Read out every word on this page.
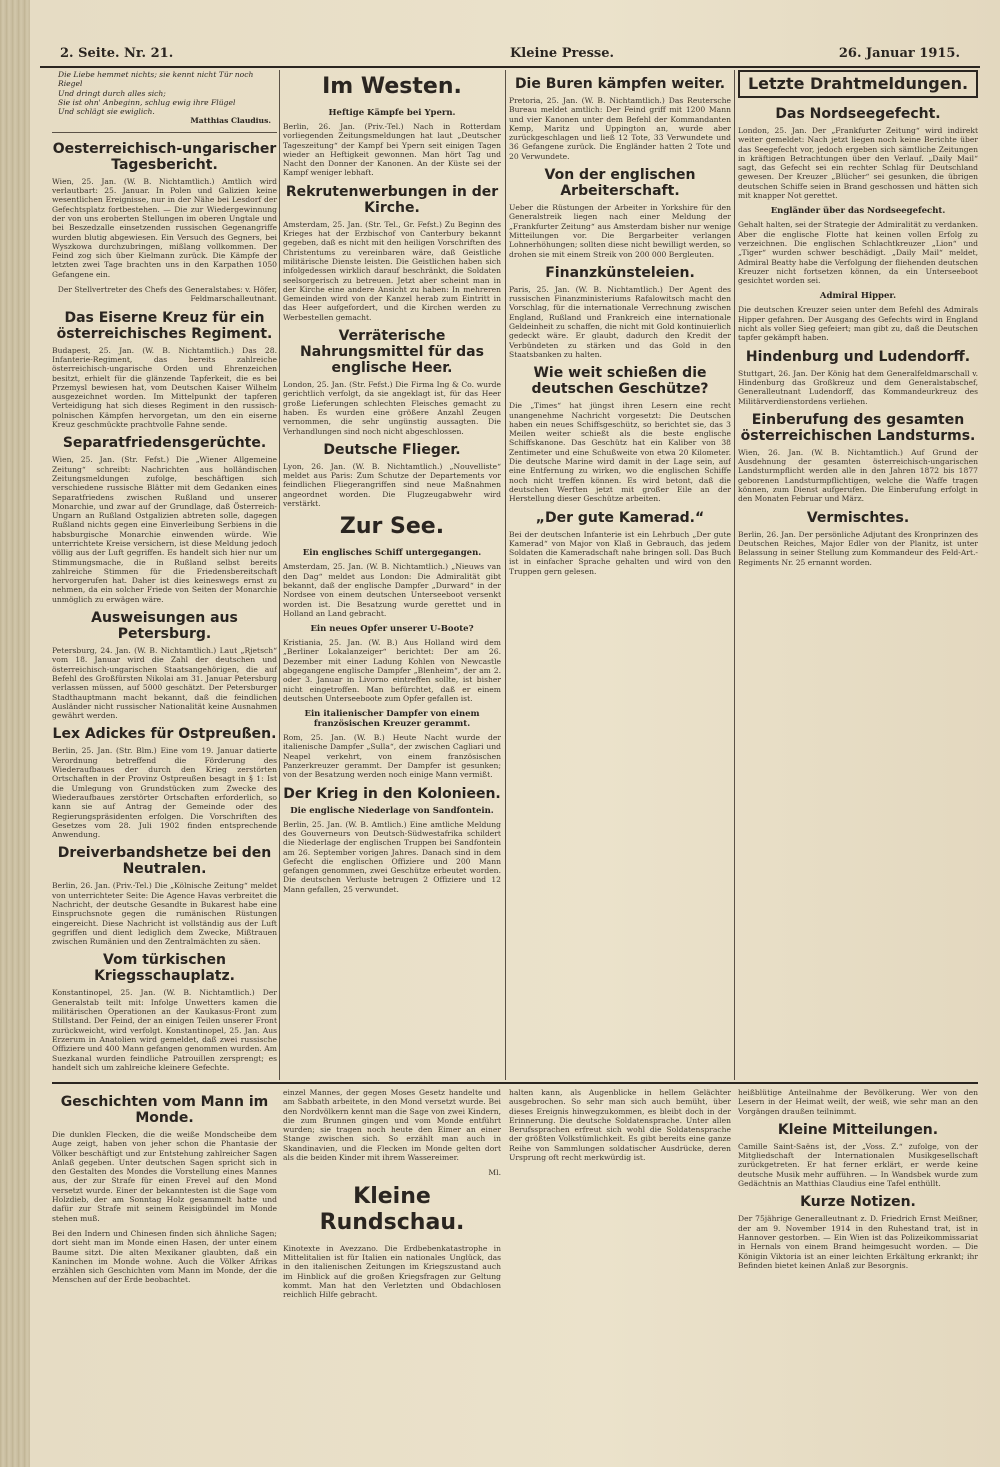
2. Seite. Nr. 21.	Kleine Presse.	26. Januar 1915.
Die Liebe hemmet nichts; sie kennt nicht Tür noch Riegel
Und dringt durch alles sich;
Sie ist ohn' Anbeginn, schlug ewig ihre Flügel
Und schlägt sie ewiglich.
Matthias Claudius.
Oesterreichisch-ungarischer Tagesbericht.

Wien, 25. Jan. (W. B. Nichtamtlich.) Amtlich wird verlautbart: 25. Januar. In Polen und Galizien keine wesentlichen Ereignisse, nur in der Nähe bei Lesdorf der Gefechtsplatz fortbestehen. — Die zur Wiedergewinnung der von uns eroberten Stellungen im oberen Ungtale und bei Beszedzalle einsetzenden russischen Gegenangriffe wurden blutig abgewiesen. Ein Versuch des Gegners, bei Wyszkowa durchzubringen, mißlang vollkommen. Der Feind zog sich über Kielmann zurück. Die Kämpfe der letzten zwei Tage brachten uns in den Karpathen 1050 Gefangene ein.

Der Stellvertreter des Chefs des Generalstabes: v. Höfer, Feldmarschalleutnant.

Das Eiserne Kreuz für ein österreichisches Regiment.

Budapest, 25. Jan. (W. B. Nichtamtlich.) Das 28. Infanterie-Regiment, das bereits zahlreiche österreichisch-ungarische Orden und Ehrenzeichen besitzt, erhielt für die glänzende Tapferkeit, die es bei Przemysl bewiesen hat, vom Deutschen Kaiser Wilhelm ausgezeichnet worden. Im Mittelpunkt der tapferen Verteidigung hat sich dieses Regiment in den russisch-polnischen Kämpfen hervorgetan, um den ein eiserne Kreuz geschmückte prachtvolle Fahne sende.

Separatfriedensgerüchte.

Wien, 25. Jan. (Str. Fefst.) Die „Wiener Allgemeine Zeitung“ schreibt: Nachrichten aus holländischen Zeitungsmeldungen zufolge, beschäftigen sich verschiedene russische Blätter mit dem Gedanken eines Separatfriedens zwischen Rußland und unserer Monarchie, und zwar auf der Grundlage, daß Österreich-Ungarn an Rußland Ostgalizien abtreten solle, dagegen Rußland nichts gegen eine Einverleibung Serbiens in die habsburgische Monarchie einwenden würde. Wie unterrichtete Kreise versichern, ist diese Meldung jedoch völlig aus der Luft gegriffen. Es handelt sich hier nur um Stimmungsmache, die in Rußland selbst bereits zahlreiche Stimmen für die Friedensbereitschaft hervorgerufen hat. Daher ist dies keineswegs ernst zu nehmen, da ein solcher Friede von Seiten der Monarchie unmöglich zu erwägen wäre.

Ausweisungen aus Petersburg.

Petersburg, 24. Jan. (W. B. Nichtamtlich.) Laut „Rjetsch“ vom 18. Januar wird die Zahl der deutschen und österreichisch-ungarischen Staatsangehörigen, die auf Befehl des Großfürsten Nikolai am 31. Januar Petersburg verlassen müssen, auf 5000 geschätzt. Der Petersburger Stadthauptmann macht bekannt, daß die feindlichen Ausländer nicht russischer Nationalität keine Ausnahmen gewährt werden.

Lex Adickes für Ostpreußen.

Berlin, 25. Jan. (Str. Blm.) Eine vom 19. Januar datierte Verordnung betreffend die Förderung des Wiederaufbaues der durch den Krieg zerstörten Ortschaften in der Provinz Ostpreußen besagt in § 1: Ist die Umlegung von Grundstücken zum Zwecke des Wiederaufbaues zerstörter Ortschaften erforderlich, so kann sie auf Antrag der Gemeinde oder des Regierungspräsidenten erfolgen. Die Vorschriften des Gesetzes vom 28. Juli 1902 finden entsprechende Anwendung.

Dreiverbandshetze bei den Neutralen.

Berlin, 26. Jan. (Priv.-Tel.) Die „Kölnische Zeitung“ meldet von unterrichteter Seite: Die Agence Havas verbreitet die Nachricht, der deutsche Gesandte in Bukarest habe eine Einspruchsnote gegen die rumänischen Rüstungen eingereicht. Diese Nachricht ist vollständig aus der Luft gegriffen und dient lediglich dem Zwecke, Mißtrauen zwischen Rumänien und den Zentralmächten zu säen.

Vom türkischen Kriegsschauplatz.

Konstantinopel, 25. Jan. (W. B. Nichtamtlich.) Der Generalstab teilt mit: Infolge Unwetters kamen die militärischen Operationen an der Kaukasus-Front zum Stillstand. Der Feind, der an einigen Teilen unserer Front zurückweicht, wird verfolgt. Konstantinopel, 25. Jan. Aus Erzerum in Anatolien wird gemeldet, daß zwei russische Offiziere und 400 Mann gefangen genommen wurden. Am Suezkanal wurden feindliche Patrouillen zersprengt; es handelt sich um zahlreiche kleinere Gefechte.

Im Westen.
Heftige Kämpfe bei Ypern.

Berlin, 26. Jan. (Priv.-Tel.) Nach in Rotterdam vorliegenden Zeitungsmeldungen hat laut „Deutscher Tageszeitung“ der Kampf bei Ypern seit einigen Tagen wieder an Heftigkeit gewonnen. Man hört Tag und Nacht den Donner der Kanonen. An der Küste sei der Kampf weniger lebhaft.

Rekrutenwerbungen in der Kirche.

Amsterdam, 25. Jan. (Str. Tel., Gr. Fefst.) Zu Beginn des Krieges hat der Erzbischof von Canterbury bekannt gegeben, daß es nicht mit den heiligen Vorschriften des Christentums zu vereinbaren wäre, daß Geistliche militärische Dienste leisten. Die Geistlichen haben sich infolgedessen wirklich darauf beschränkt, die Soldaten seelsorgerisch zu betreuen. Jetzt aber scheint man in der Kirche eine andere Ansicht zu haben: In mehreren Gemeinden wird von der Kanzel herab zum Eintritt in das Heer aufgefordert, und die Kirchen werden zu Werbestellen gemacht.

Verräterische Nahrungsmittel für das englische Heer.

London, 25. Jan. (Str. Fefst.) Die Firma Ing & Co. wurde gerichtlich verfolgt, da sie angeklagt ist, für das Heer große Lieferungen schlechten Fleisches gemacht zu haben. Es wurden eine größere Anzahl Zeugen vernommen, die sehr ungünstig aussagten. Die Verhandlungen sind noch nicht abgeschlossen.

Deutsche Flieger.

Lyon, 26. Jan. (W. B. Nichtamtlich.) „Nouvelliste“ meldet aus Paris: Zum Schutze der Departements vor feindlichen Fliegerangriffen sind neue Maßnahmen angeordnet worden. Die Flugzeugabwehr wird verstärkt.

Zur See.
Ein englisches Schiff untergegangen.

Amsterdam, 25. Jan. (W. B. Nichtamtlich.) „Nieuws van den Dag“ meldet aus London: Die Admiralität gibt bekannt, daß der englische Dampfer „Durward“ in der Nordsee von einem deutschen Unterseeboot versenkt worden ist. Die Besatzung wurde gerettet und in Holland an Land gebracht.

Ein neues Opfer unserer U-Boote?

Kristiania, 25. Jan. (W. B.) Aus Holland wird dem „Berliner Lokalanzeiger“ berichtet: Der am 26. Dezember mit einer Ladung Kohlen von Newcastle abgegangene englische Dampfer „Blenheim“, der am 2. oder 3. Januar in Livorno eintreffen sollte, ist bisher nicht eingetroffen. Man befürchtet, daß er einem deutschen Unterseeboote zum Opfer gefallen ist.

Ein italienischer Dampfer von einem französischen Kreuzer gerammt.

Rom, 25. Jan. (W. B.) Heute Nacht wurde der italienische Dampfer „Sulla“, der zwischen Cagliari und Neapel verkehrt, von einem französischen Panzerkreuzer gerammt. Der Dampfer ist gesunken; von der Besatzung werden noch einige Mann vermißt.

Der Krieg in den Kolonieen.
Die englische Niederlage von Sandfontein.

Berlin, 25. Jan. (W. B. Amtlich.) Eine amtliche Meldung des Gouverneurs von Deutsch-Südwestafrika schildert die Niederlage der englischen Truppen bei Sandfontein am 26. September vorigen Jahres. Danach sind in dem Gefecht die englischen Offiziere und 200 Mann gefangen genommen, zwei Geschütze erbeutet worden. Die deutschen Verluste betrugen 2 Offiziere und 12 Mann gefallen, 25 verwundet.

Die Buren kämpfen weiter.

Pretoria, 25. Jan. (W. B. Nichtamtlich.) Das Reutersche Bureau meldet amtlich: Der Feind griff mit 1200 Mann und vier Kanonen unter dem Befehl der Kommandanten Kemp, Maritz und Uppington an, wurde aber zurückgeschlagen und ließ 12 Tote, 33 Verwundete und 36 Gefangene zurück. Die Engländer hatten 2 Tote und 20 Verwundete.

Von der englischen Arbeiterschaft.

Ueber die Rüstungen der Arbeiter in Yorkshire für den Generalstreik liegen nach einer Meldung der „Frankfurter Zeitung“ aus Amsterdam bisher nur wenige Mitteilungen vor. Die Bergarbeiter verlangen Lohnerhöhungen; sollten diese nicht bewilligt werden, so drohen sie mit einem Streik von 200 000 Bergleuten.

Finanzkünsteleien.

Paris, 25. Jan. (W. B. Nichtamtlich.) Der Agent des russischen Finanzministeriums Rafalowitsch macht den Vorschlag, für die internationale Verrechnung zwischen England, Rußland und Frankreich eine internationale Geldeinheit zu schaffen, die nicht mit Gold kontinuierlich gedeckt wäre. Er glaubt, dadurch den Kredit der Verbündeten zu stärken und das Gold in den Staatsbanken zu halten.

Wie weit schießen die deutschen Geschütze?

Die „Times“ hat jüngst ihren Lesern eine recht unangenehme Nachricht vorgesetzt: Die Deutschen haben ein neues Schiffsgeschütz, so berichtet sie, das 3 Meilen weiter schießt als die beste englische Schiffskanone. Das Geschütz hat ein Kaliber von 38 Zentimeter und eine Schußweite von etwa 20 Kilometer. Die deutsche Marine wird damit in der Lage sein, auf eine Entfernung zu wirken, wo die englischen Schiffe noch nicht treffen können. Es wird betont, daß die deutschen Werften jetzt mit großer Eile an der Herstellung dieser Geschütze arbeiten.

„Der gute Kamerad.“

Bei der deutschen Infanterie ist ein Lehrbuch „Der gute Kamerad“ von Major von Klaß in Gebrauch, das jedem Soldaten die Kameradschaft nahe bringen soll. Das Buch ist in einfacher Sprache gehalten und wird von den Truppen gern gelesen.

Letzte Drahtmeldungen.
Das Nordseegefecht.

London, 25. Jan. Der „Frankfurter Zeitung“ wird indirekt weiter gemeldet: Nach jetzt liegen noch keine Berichte über das Seegefecht vor, jedoch ergeben sich sämtliche Zeitungen in kräftigen Betrachtungen über den Verlauf. „Daily Mail“ sagt, das Gefecht sei ein rechter Schlag für Deutschland gewesen. Der Kreuzer „Blücher“ sei gesunken, die übrigen deutschen Schiffe seien in Brand geschossen und hätten sich mit knapper Not gerettet.

Engländer über das Nordseegefecht.

Gehalt halten, sei der Strategie der Admiralität zu verdanken. Aber die englische Flotte hat keinen vollen Erfolg zu verzeichnen. Die englischen Schlachtkreuzer „Lion“ und „Tiger“ wurden schwer beschädigt. „Daily Mail“ meldet, Admiral Beatty habe die Verfolgung der fliehenden deutschen Kreuzer nicht fortsetzen können, da ein Unterseeboot gesichtet worden sei.

Admiral Hipper.

Die deutschen Kreuzer seien unter dem Befehl des Admirals Hipper gefahren. Der Ausgang des Gefechts wird in England nicht als voller Sieg gefeiert; man gibt zu, daß die Deutschen tapfer gekämpft haben.

Hindenburg und Ludendorff.

Stuttgart, 26. Jan. Der König hat dem Generalfeldmarschall v. Hindenburg das Großkreuz und dem Generalstabschef, Generalleutnant Ludendorff, das Kommandeurkreuz des Militärverdienstordens verliehen.

Einberufung des gesamten österreichischen Landsturms.

Wien, 26. Jan. (W. B. Nichtamtlich.) Auf Grund der Ausdehnung der gesamten österreichisch-ungarischen Landsturmpflicht werden alle in den Jahren 1872 bis 1877 geborenen Landsturmpflichtigen, welche die Waffe tragen können, zum Dienst aufgerufen. Die Einberufung erfolgt in den Monaten Februar und März.

Vermischtes.

Berlin, 26. Jan. Der persönliche Adjutant des Kronprinzen des Deutschen Reiches, Major Edler von der Planitz, ist unter Belassung in seiner Stellung zum Kommandeur des Feld-Art.-Regiments Nr. 25 ernannt worden.

Geschichten vom Mann im Monde.

Die dunklen Flecken, die die weiße Mondscheibe dem Auge zeigt, haben von jeher schon die Phantasie der Völker beschäftigt und zur Entstehung zahlreicher Sagen Anlaß gegeben. Unter deutschen Sagen spricht sich in den Gestalten des Mondes die Vorstellung eines Mannes aus, der zur Strafe für einen Frevel auf den Mond versetzt wurde. Einer der bekanntesten ist die Sage vom Holzdieb, der am Sonntag Holz gesammelt hatte und dafür zur Strafe mit seinem Reisigbündel im Monde stehen muß.

Bei den Indern und Chinesen finden sich ähnliche Sagen; dort sieht man im Monde einen Hasen, der unter einem Baume sitzt. Die alten Mexikaner glaubten, daß ein Kaninchen im Monde wohne. Auch die Völker Afrikas erzählen sich Geschichten vom Mann im Monde, der die Menschen auf der Erde beobachtet.

einzel Mannes, der gegen Moses Gesetz handelte und am Sabbath arbeitete, in den Mond versetzt wurde. Bei den Nordvölkern kennt man die Sage von zwei Kindern, die zum Brunnen gingen und vom Monde entführt wurden; sie tragen noch heute den Eimer an einer Stange zwischen sich. So erzählt man auch in Skandinavien, und die Flecken im Monde gelten dort als die beiden Kinder mit ihrem Wassereimer.

Ml.

Kleine Rundschau.

Kinotexte in Avezzano. Die Erdbebenkatastrophe in Mittelitalien ist für Italien ein nationales Unglück, das in den italienischen Zeitungen im Kriegszustand auch im Hinblick auf die großen Kriegsfragen zur Geltung kommt. Man hat den Verletzten und Obdachlosen reichlich Hilfe gebracht.

halten kann, als Augenblicke in hellem Gelächter ausgebrochen. So sehr man sich auch bemüht, über dieses Ereignis hinwegzukommen, es bleibt doch in der Erinnerung. Die deutsche Soldatensprache. Unter allen Berufssprachen erfreut sich wohl die Soldatensprache der größten Volkstümlichkeit. Es gibt bereits eine ganze Reihe von Sammlungen soldatischer Ausdrücke, deren Ursprung oft recht merkwürdig ist.

heißblütige Anteilnahme der Bevölkerung. Wer von den Lesern in der Heimat weilt, der weiß, wie sehr man an den Vorgängen draußen teilnimmt.

Kleine Mitteilungen.

Camille Saint-Saëns ist, der „Voss. Z.“ zufolge, von der Mitgliedschaft der Internationalen Musikgesellschaft zurückgetreten. Er hat ferner erklärt, er werde keine deutsche Musik mehr aufführen. — In Wandsbek wurde zum Gedächtnis an Matthias Claudius eine Tafel enthüllt.

Kurze Notizen.

Der 75jährige Generalleutnant z. D. Friedrich Ernst Meißner, der am 9. November 1914 in den Ruhestand trat, ist in Hannover gestorben. — Ein Wien ist das Polizeikommissariat in Hernals von einem Brand heimgesucht worden. — Die Königin Viktoria ist an einer leichten Erkältung erkrankt; ihr Befinden bietet keinen Anlaß zur Besorgnis.
